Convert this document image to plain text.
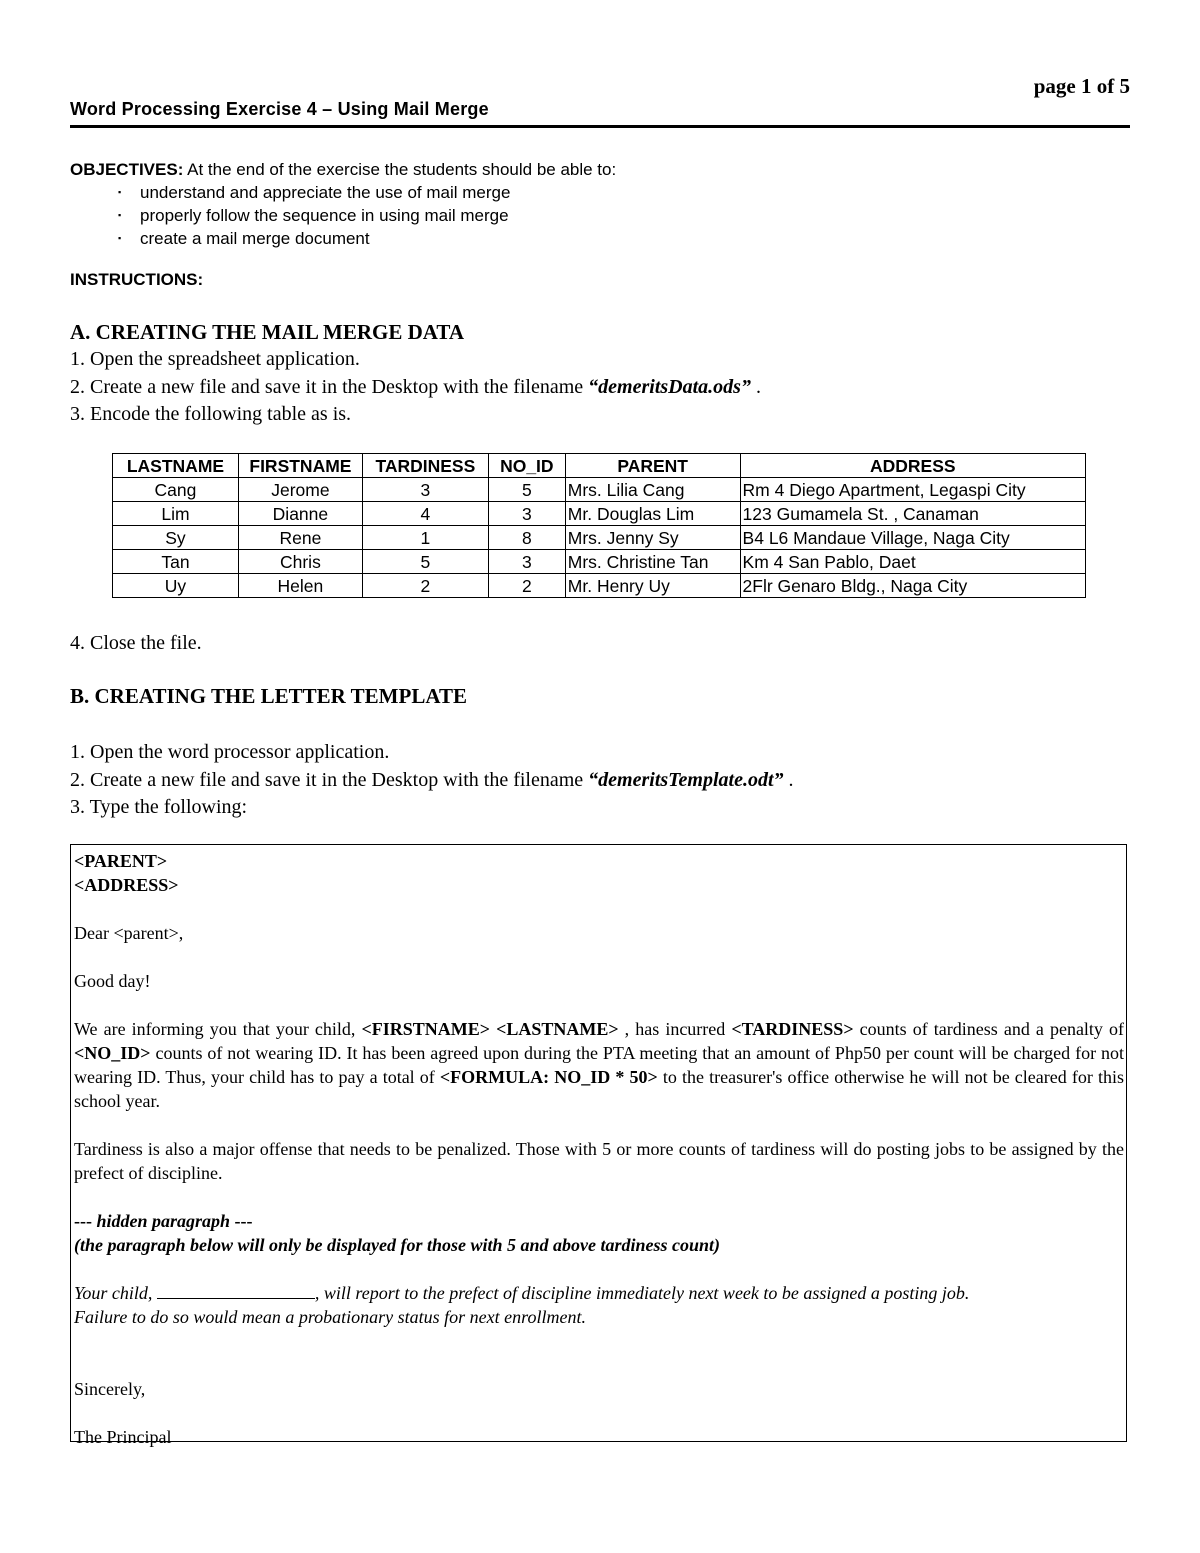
page 1 of 5
Word Processing Exercise 4 – Using Mail Merge
OBJECTIVES: At the end of the exercise the students should be able to:
▪ understand and appreciate the use of mail merge
▪ properly follow the sequence in using mail merge
▪ create a mail merge document
INSTRUCTIONS:
A. CREATING THE MAIL MERGE DATA
1. Open the spreadsheet application.
2. Create a new file and save it in the Desktop with the filename “demeritsData.ods” .
3. Encode the following table as is.
LASTNAME	FIRSTNAME	TARDINESS	NO_ID	PARENT	ADDRESS
Cang	Jerome	3	5	Mrs. Lilia Cang	Rm 4 Diego Apartment, Legaspi City
Lim	Dianne	4	3	Mr. Douglas Lim	123 Gumamela St. , Canaman
Sy	Rene	1	8	Mrs. Jenny Sy	B4 L6 Mandaue Village, Naga City
Tan	Chris	5	3	Mrs. Christine Tan	Km 4 San Pablo, Daet
Uy	Helen	2	2	Mr. Henry Uy	2Flr Genaro Bldg., Naga City
4. Close the file.
B. CREATING THE LETTER TEMPLATE
1. Open the word processor application.
2. Create a new file and save it in the Desktop with the filename “demeritsTemplate.odt” .
3. Type the following:

<PARENT>

<ADDRESS>

Dear <parent>,

Good day!

We are informing you that your child, <FIRSTNAME> <LASTNAME> , has incurred <TARDINESS> counts of tardiness and a penalty of <NO_ID> counts of not wearing ID. It has been agreed upon during the PTA meeting that an amount of Php50 per count will be charged for not wearing ID. Thus, your child has to pay a total of <FORMULA: NO_ID * 50> to the treasurer's office otherwise he will not be cleared for this school year.

Tardiness is also a major offense that needs to be penalized. Those with 5 or more counts of tardiness will do posting jobs to be assigned by the prefect of discipline.

--- hidden paragraph ---

(the paragraph below will only be displayed for those with 5 and above tardiness count)

Your child,	, will report to the prefect of discipline immediately next week to be assigned a posting job.

Failure to do so would mean a probationary status for next enrollment.

Sincerely,

The Principal
